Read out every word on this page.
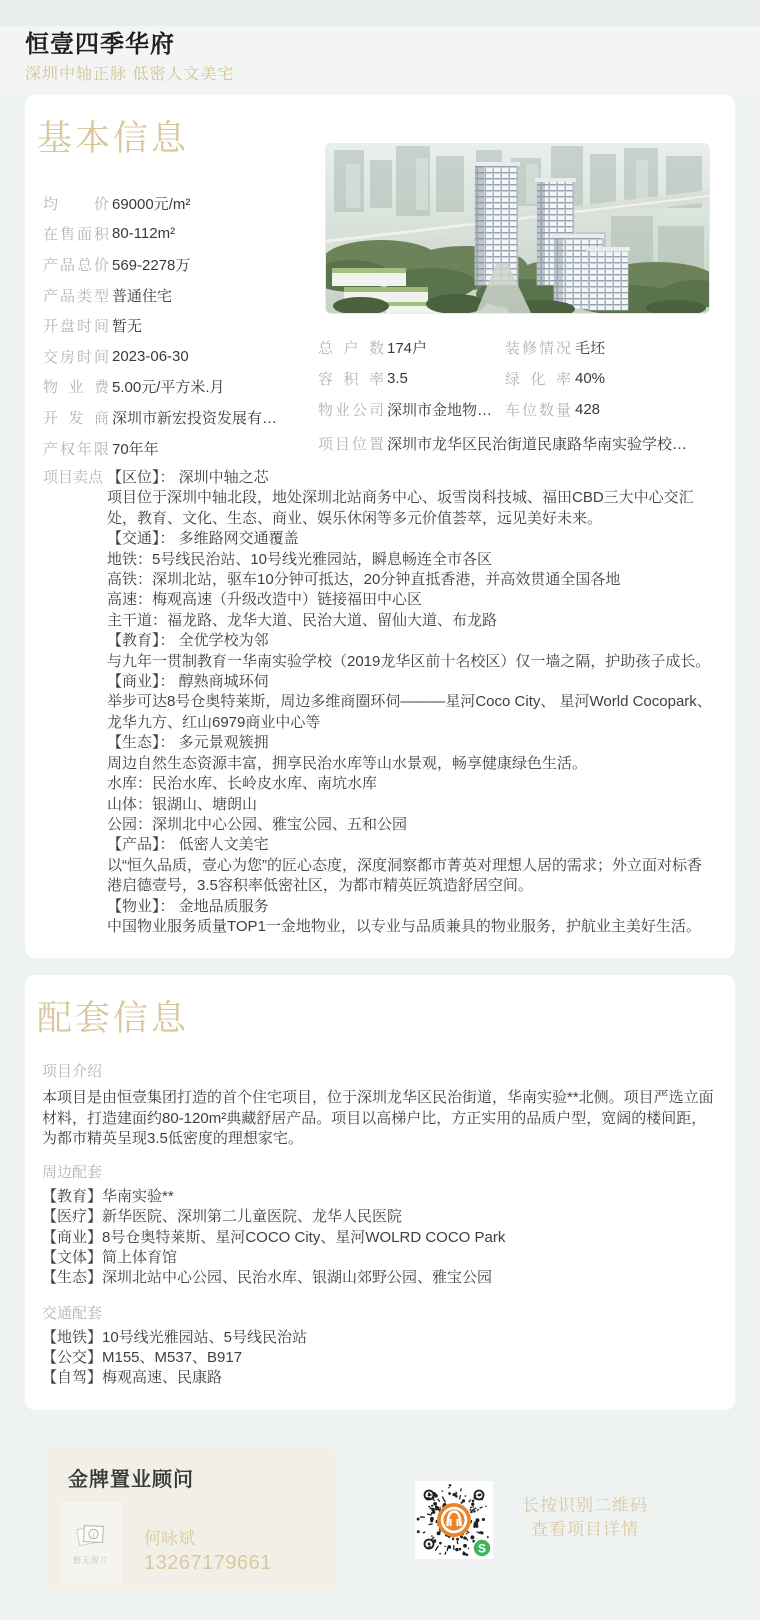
恒壹四季华府
深圳中轴正脉 低密人文美宅
基本信息
均价 69000元/m²
在售面积 80-112m²
产品总价 569-2278万
产品类型 普通住宅
开盘时间 暂无
交房时间 2023-06-30
物业费 5.00元/平方米.月
开发商 深圳市新宏投资发展有…
产权年限 70年年
总户数 174户	装修情况 毛坯
容积率 3.5	绿化率 40%
物业公司 深圳市金地物… 车位数量 428
项目位置 深圳市龙华区民治街道民康路华南实验学校…
项目卖点 【区位】： 深圳中轴之芯
项目位于深圳中轴北段，地处深圳北站商务中心、坂雪岗科技城、福田CBD三大中心交汇处，教育、文化、生态、商业、娱乐休闲等多元价值荟萃，远见美好未来。
【交通】： 多维路网交通覆盖
地铁：5号线民治站、10号线光雅园站，瞬息畅连全市各区
高铁：深圳北站，驱车10分钟可抵达，20分钟直抵香港，并高效贯通全国各地
高速：梅观高速（升级改造中）链接福田中心区
主干道：福龙路、龙华大道、民治大道、留仙大道、布龙路
【教育】： 全优学校为邻
与九年一贯制教育一华南实验学校（2019龙华区前十名校区）仅一墙之隔，护助孩子成长。
【商业】： 醇熟商城环伺
举步可达8号仓奥特莱斯，周边多维商圈环伺———星河Coco City、 星河World Cocopark、龙华九方、红山6979商业中心等
【生态】： 多元景观簇拥
周边自然生态资源丰富，拥享民治水库等山水景观，畅享健康绿色生活。
水库：民治水库、长岭皮水库、南坑水库
山体：银湖山、塘朗山
公园：深圳北中心公园、雅宝公园、五和公园
【产品】： 低密人文美宅
以“恒久品质，壹心为您”的匠心态度，深度洞察都市菁英对理想人居的需求；外立面对标香港启德壹号，3.5容积率低密社区，为都市精英匠筑造舒居空间。
【物业】： 金地品质服务
中国物业服务质量TOP1一金地物业，以专业与品质兼具的物业服务，护航业主美好生活。
配套信息
项目介绍
本项目是由恒壹集团打造的首个住宅项目，位于深圳龙华区民治街道，华南实验**北侧。项目严选立面材料，打造建面约80-120m²典藏舒居产品。项目以高梯户比，方正实用的品质户型，宽阔的楼间距，为都市精英呈现3.5低密度的理想家宅。
周边配套
【教育】华南实验**
【医疗】新华医院、深圳第二儿童医院、龙华人民医院
【商业】8号仓奥特莱斯、星河COCO City、星河WOLRD COCO Park
【文体】简上体育馆
【生态】深圳北站中心公园、民治水库、银湖山郊野公园、雅宝公园
交通配套
【地铁】10号线光雅园站、5号线民治站
【公交】M155、M537、B917
【自驾】梅观高速、民康路
金牌置业顾问
i
暂无图片
何咏斌
13267179661
S
长按识别二维码
查看项目详情
